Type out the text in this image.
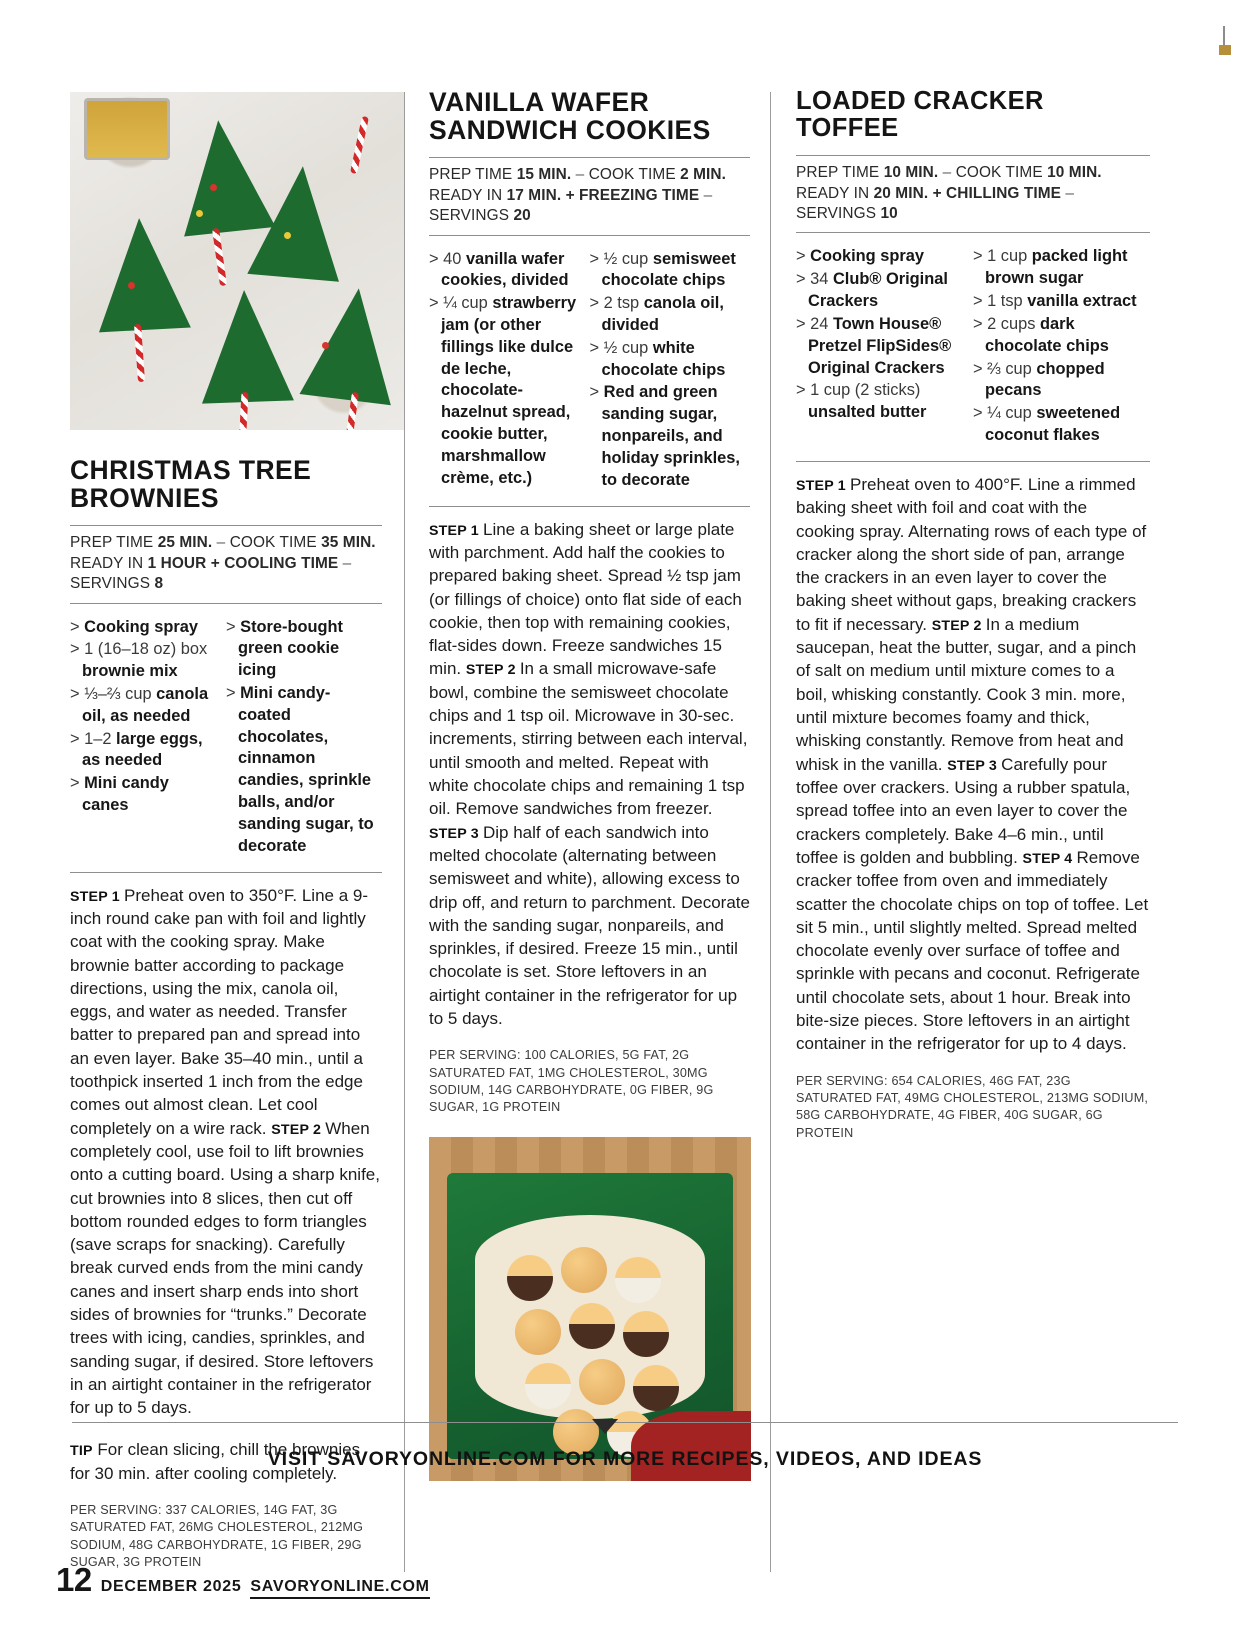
CHRISTMAS TREE BROWNIES
PREP TIME 25 MIN. – COOK TIME 35 MIN.
READY IN 1 HOUR + COOLING TIME – SERVINGS 8
> Cooking spray
> 1 (16–18 oz) box brownie mix
> ⅓–⅔ cup canola oil, as needed
> 1–2 large eggs, as needed
> Mini candy canes
> Store-bought green cookie icing
> Mini candy-coated chocolates, cinnamon candies, sprinkle balls, and/or sanding sugar, to decorate
STEP 1 Preheat oven to 350°F. Line a 9-inch round cake pan with foil and lightly coat with the cooking spray. Make brownie batter according to package directions, using the mix, canola oil, eggs, and water as needed. Transfer batter to prepared pan and spread into an even layer. Bake 35–40 min., until a toothpick inserted 1 inch from the edge comes out almost clean. Let cool completely on a wire rack. STEP 2 When completely cool, use foil to lift brownies onto a cutting board. Using a sharp knife, cut brownies into 8 slices, then cut off bottom rounded edges to form triangles (save scraps for snacking). Carefully break curved ends from the mini candy canes and insert sharp ends into short sides of brownies for “trunks.” Decorate trees with icing, candies, sprinkles, and sanding sugar, if desired. Store leftovers in an airtight container in the refrigerator for up to 5 days.
TIP For clean slicing, chill the brownies for 30 min. after cooling completely.
PER SERVING: 337 CALORIES, 14G FAT, 3G SATURATED FAT, 26MG CHOLESTEROL, 212MG SODIUM, 48G CARBOHYDRATE, 1G FIBER, 29G SUGAR, 3G PROTEIN
VANILLA WAFER SANDWICH COOKIES
PREP TIME 15 MIN. – COOK TIME 2 MIN.
READY IN 17 MIN. + FREEZING TIME – SERVINGS 20
> 40 vanilla wafer cookies, divided
> ¼ cup strawberry jam (or other fillings like dulce de leche, chocolate-hazelnut spread, cookie butter, marshmallow crème, etc.)
> ½ cup semisweet chocolate chips
> 2 tsp canola oil, divided
> ½ cup white chocolate chips
> Red and green sanding sugar, nonpareils, and holiday sprinkles, to decorate
STEP 1 Line a baking sheet or large plate with parchment. Add half the cookies to prepared baking sheet. Spread ½ tsp jam (or fillings of choice) onto flat side of each cookie, then top with remaining cookies, flat-sides down. Freeze sandwiches 15 min. STEP 2 In a small microwave-safe bowl, combine the semisweet chocolate chips and 1 tsp oil. Microwave in 30-sec. increments, stirring between each interval, until smooth and melted. Repeat with white chocolate chips and remaining 1 tsp oil. Remove sandwiches from freezer. STEP 3 Dip half of each sandwich into melted chocolate (alternating between semisweet and white), allowing excess to drip off, and return to parchment. Decorate with the sanding sugar, nonpareils, and sprinkles, if desired. Freeze 15 min., until chocolate is set. Store leftovers in an airtight container in the refrigerator for up to 5 days.
PER SERVING: 100 CALORIES, 5G FAT, 2G SATURATED FAT, 1MG CHOLESTEROL, 30MG SODIUM, 14G CARBOHYDRATE, 0G FIBER, 9G SUGAR, 1G PROTEIN
LOADED CRACKER TOFFEE
PREP TIME 10 MIN. – COOK TIME 10 MIN.
READY IN 20 MIN. + CHILLING TIME – SERVINGS 10
> Cooking spray
> 34 Club® Original Crackers
> 24 Town House® Pretzel FlipSides® Original Crackers
> 1 cup (2 sticks) unsalted butter
> 1 cup packed light brown sugar
> 1 tsp vanilla extract
> 2 cups dark chocolate chips
> ⅔ cup chopped pecans
> ¼ cup sweetened coconut flakes
STEP 1 Preheat oven to 400°F. Line a rimmed baking sheet with foil and coat with the cooking spray. Alternating rows of each type of cracker along the short side of pan, arrange the crackers in an even layer to cover the baking sheet without gaps, breaking crackers to fit if necessary. STEP 2 In a medium saucepan, heat the butter, sugar, and a pinch of salt on medium until mixture comes to a boil, whisking constantly. Cook 3 min. more, until mixture becomes foamy and thick, whisking constantly. Remove from heat and whisk in the vanilla. STEP 3 Carefully pour toffee over crackers. Using a rubber spatula, spread toffee into an even layer to cover the crackers completely. Bake 4–6 min., until toffee is golden and bubbling. STEP 4 Remove cracker toffee from oven and immediately scatter the chocolate chips on top of toffee. Let sit 5 min., until slightly melted. Spread melted chocolate evenly over surface of toffee and sprinkle with pecans and coconut. Refrigerate until chocolate sets, about 1 hour. Break into bite-size pieces. Store leftovers in an airtight container in the refrigerator for up to 4 days.
PER SERVING: 654 CALORIES, 46G FAT, 23G SATURATED FAT, 49MG CHOLESTEROL, 213MG SODIUM, 58G CARBOHYDRATE, 4G FIBER, 40G SUGAR, 6G PROTEIN
VISIT SAVORYONLINE.COM FOR MORE RECIPES, VIDEOS, AND IDEAS
12 DECEMBER 2025 SAVORYONLINE.COM
